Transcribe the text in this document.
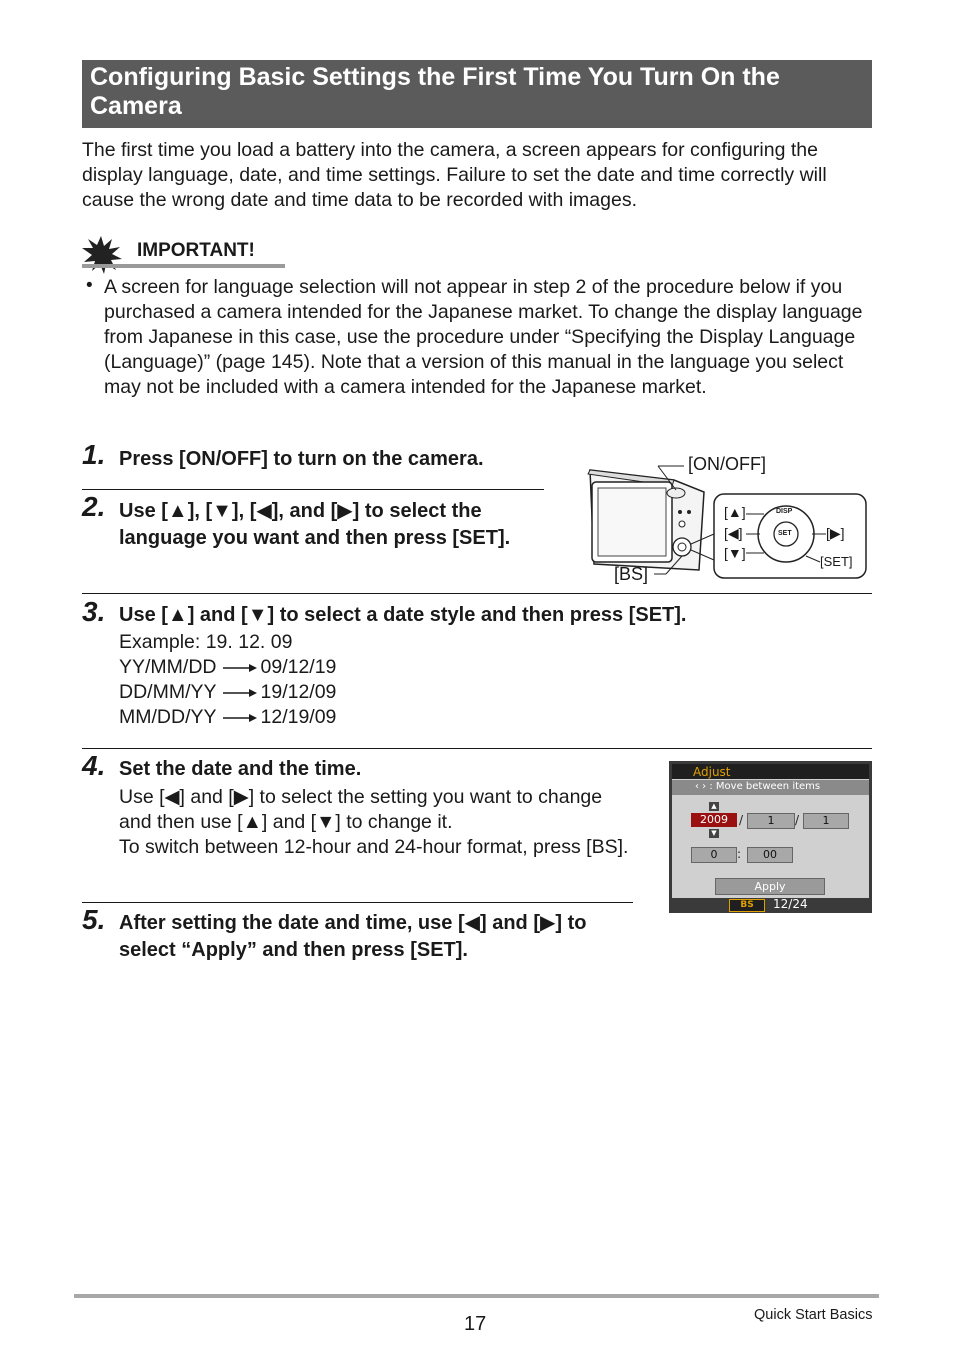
Configuring Basic Settings the First Time You Turn On the Camera
The first time you load a battery into the camera, a screen appears for configuring the display language, date, and time settings. Failure to set the date and time correctly will cause the wrong date and time data to be recorded with images.
IMPORTANT!
• A screen for language selection will not appear in step 2 of the procedure below if you purchased a camera intended for the Japanese market. To change the display language from Japanese in this case, use the procedure under “Specifying the Display Language (Language)” (page 145). Note that a version of this manual in the language you select may not be included with a camera intended for the Japanese market.
1. Press [ON/OFF] to turn on the camera.
2. Use [▲], [▼], [◀], and [▶] to select the language you want and then press [SET].
[ON/OFF]
[BS]
[▲]
[◀]
[▼]
[▶]
[SET]
DISP
SET
3. Use [▲] and [▼] to select a date style and then press [SET].
Example: 19. 12. 09
YY/MM/DD 09/12/19
DD/MM/YY 19/12/09
MM/DD/YY 12/19/09
4. Set the date and the time.
Use [◀] and [▶] to select the setting you want to change and then use [▲] and [▼] to change it.
To switch between 12-hour and 24-hour format, press [BS].
Adjust
‹ › : Move between items
▲
▼
2009 /	1	/	1
0	:	00
Apply
BS	12/24
5. After setting the date and time, use [◀] and [▶] to select “Apply” and then press [SET].
17	Quick Start Basics
